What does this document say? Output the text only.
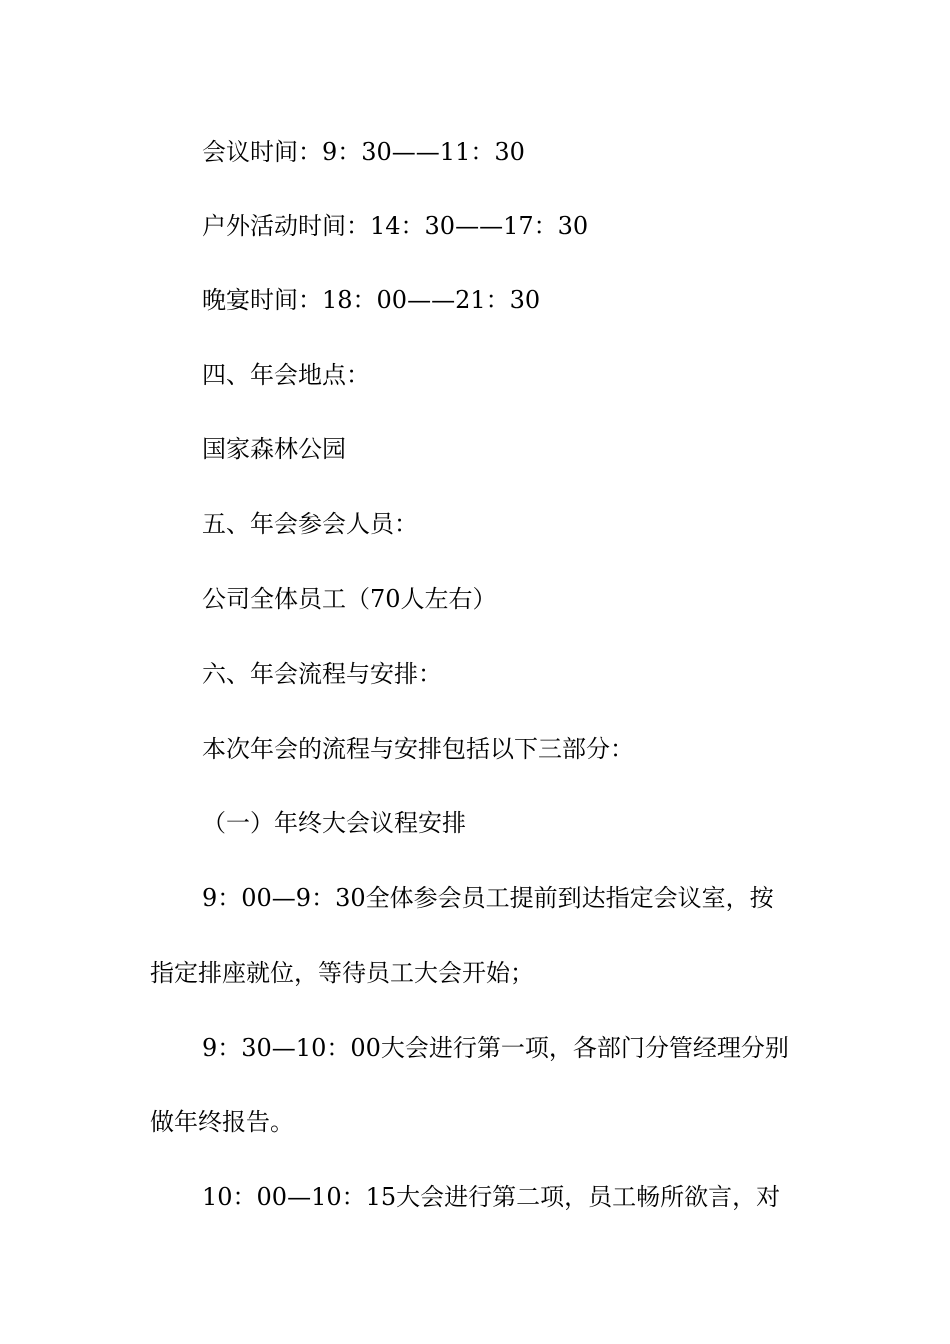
会议时间：9：30——11：30
户外活动时间：14：30——17：30
晚宴时间：18：00——21：30
四、年会地点：
国家森林公园
五、年会参会人员：
公司全体员工（70人左右）
六、年会流程与安排：
本次年会的流程与安排包括以下三部分：
（一）年终大会议程安排
9：00—9：30全体参会员工提前到达指定会议室，按
指定排座就位，等待员工大会开始；
9：30—10：00大会进行第一项，各部门分管经理分别
做年终报告。
10：00—10：15大会进行第二项，员工畅所欲言，对
